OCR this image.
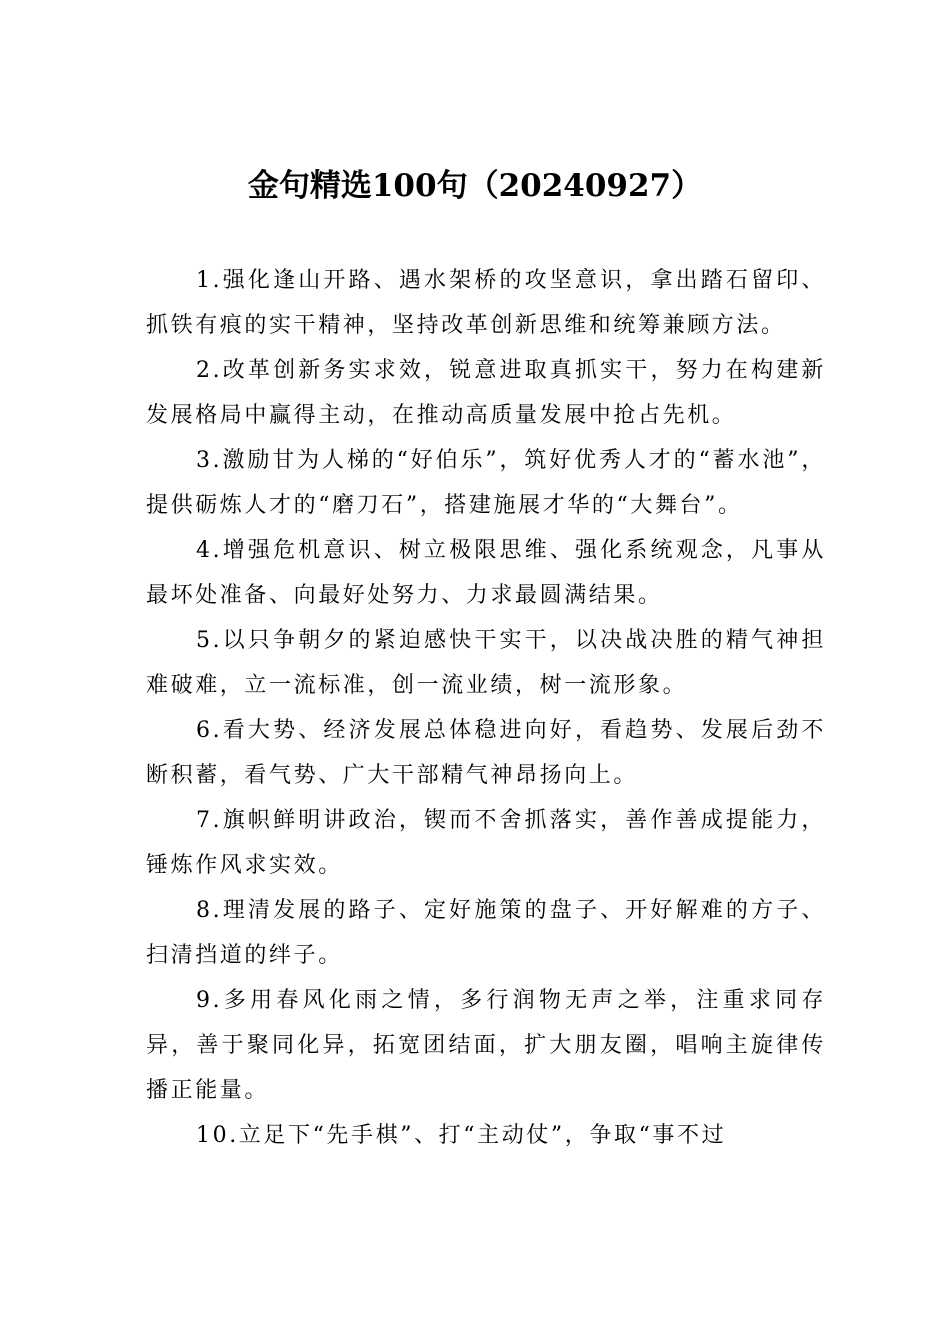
金句精选100句（20240927）

1.强化逢山开路、遇水架桥的攻坚意识，拿出踏石留印、抓铁有痕的实干精神，坚持改革创新思维和统筹兼顾方法。

2.改革创新务实求效，锐意进取真抓实干，努力在构建新发展格局中赢得主动，在推动高质量发展中抢占先机。

3.激励甘为人梯的“好伯乐”，筑好优秀人才的“蓄水池”，提供砺炼人才的“磨刀石”，搭建施展才华的“大舞台”。

4.增强危机意识、树立极限思维、强化系统观念，凡事从最坏处准备、向最好处努力、力求最圆满结果。

5.以只争朝夕的紧迫感快干实干，以决战决胜的精气神担难破难，立一流标准，创一流业绩，树一流形象。

6.看大势、经济发展总体稳进向好，看趋势、发展后劲不断积蓄，看气势、广大干部精气神昂扬向上。

7.旗帜鲜明讲政治，锲而不舍抓落实，善作善成提能力，锤炼作风求实效。

8.理清发展的路子、定好施策的盘子、开好解难的方子、扫清挡道的绊子。

9.多用春风化雨之情，多行润物无声之举，注重求同存异，善于聚同化异，拓宽团结面，扩大朋友圈，唱响主旋律传播正能量。

10.立足下“先手棋”、打“主动仗”，争取“事不过
